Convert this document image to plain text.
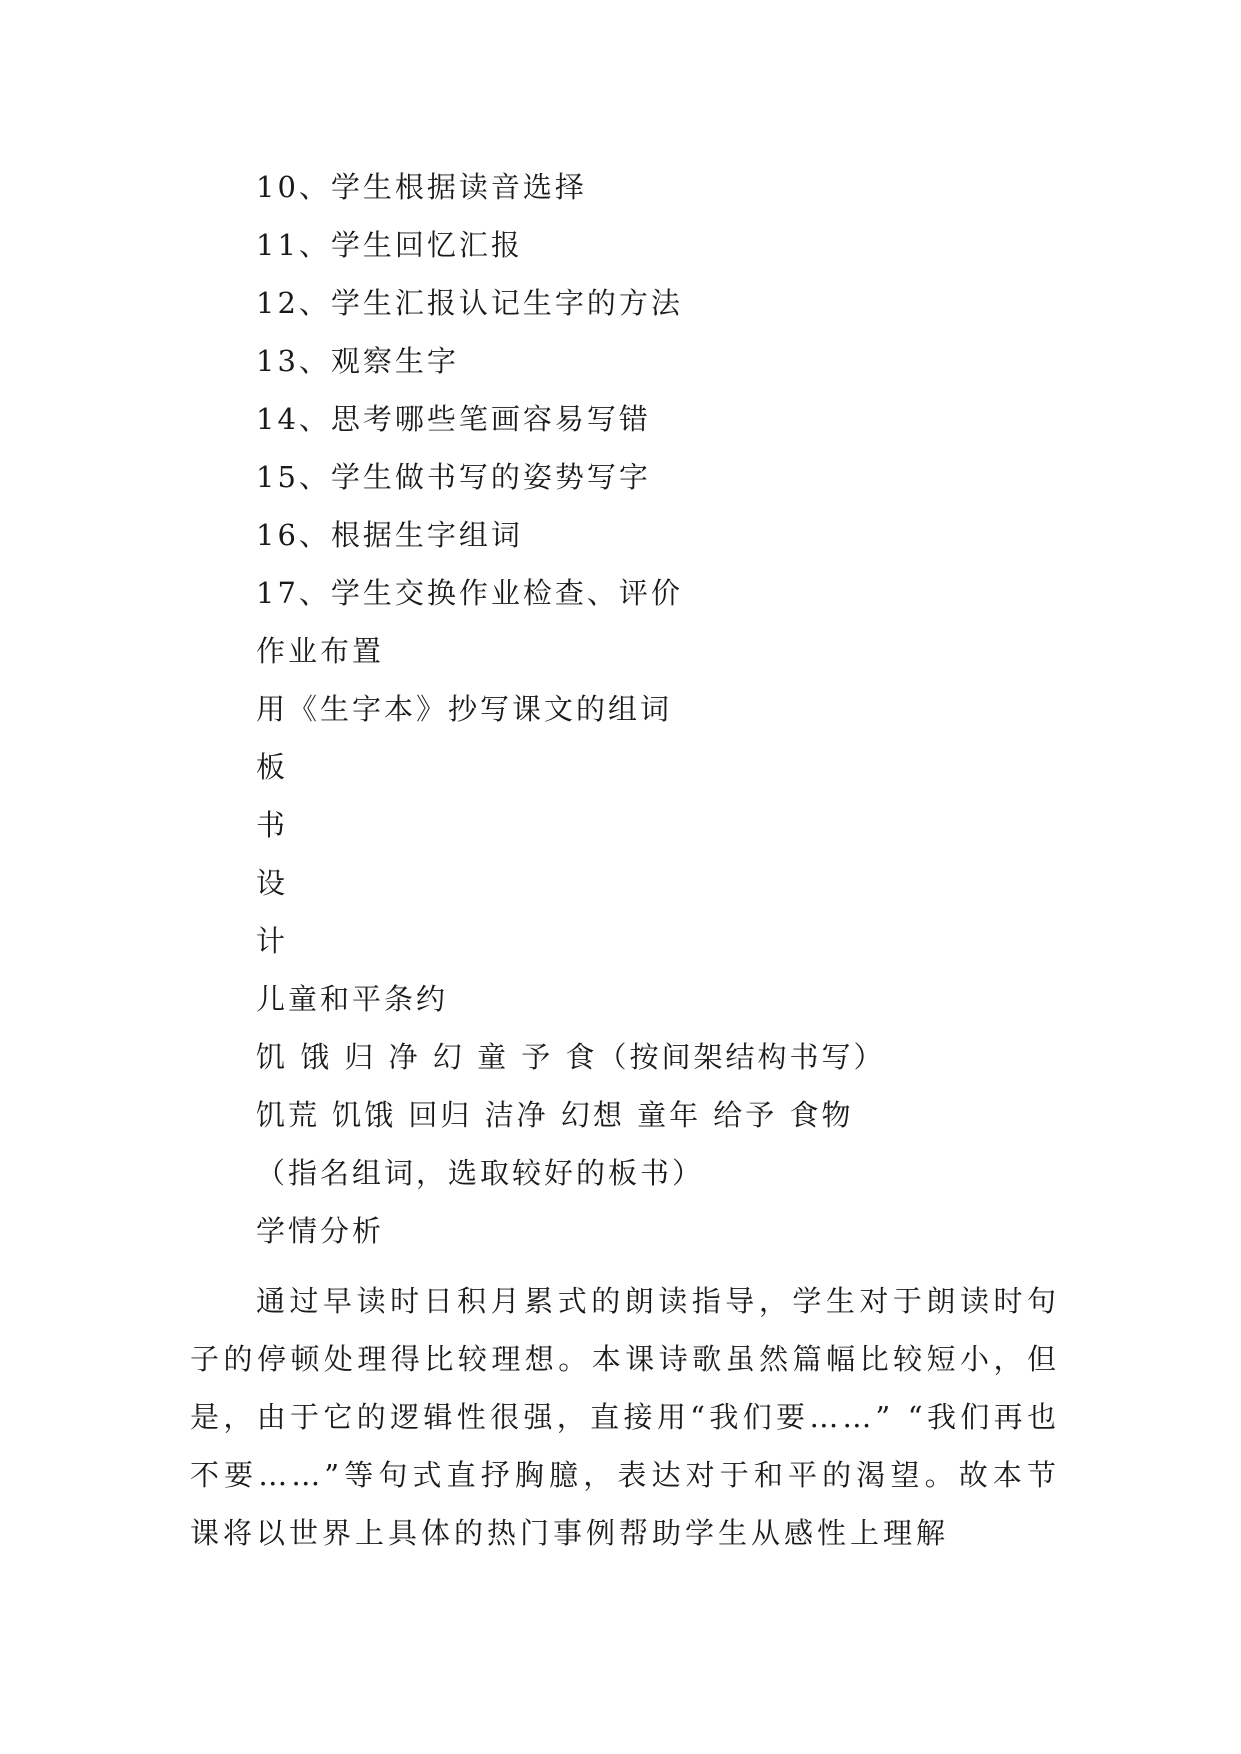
10、学生根据读音选择
11、学生回忆汇报
12、学生汇报认记生字的方法
13、观察生字
14、思考哪些笔画容易写错
15、学生做书写的姿势写字
16、根据生字组词
17、学生交换作业检查、评价
作业布置
用《生字本》抄写课文的组词
板
书
设
计
儿童和平条约
饥 饿 归 净 幻 童 予 食（按间架结构书写）
饥荒 饥饿 回归 洁净 幻想 童年 给予 食物
（指名组词，选取较好的板书）
学情分析
通过早读时日积月累式的朗读指导，学生对于朗读时句子的停顿处理得比较理想。本课诗歌虽然篇幅比较短小，但是，由于它的逻辑性很强，直接用“我们要……” “我们再也不要……”等句式直抒胸臆，表达对于和平的渴望。故本节课将以世界上具体的热门事例帮助学生从感性上理解
